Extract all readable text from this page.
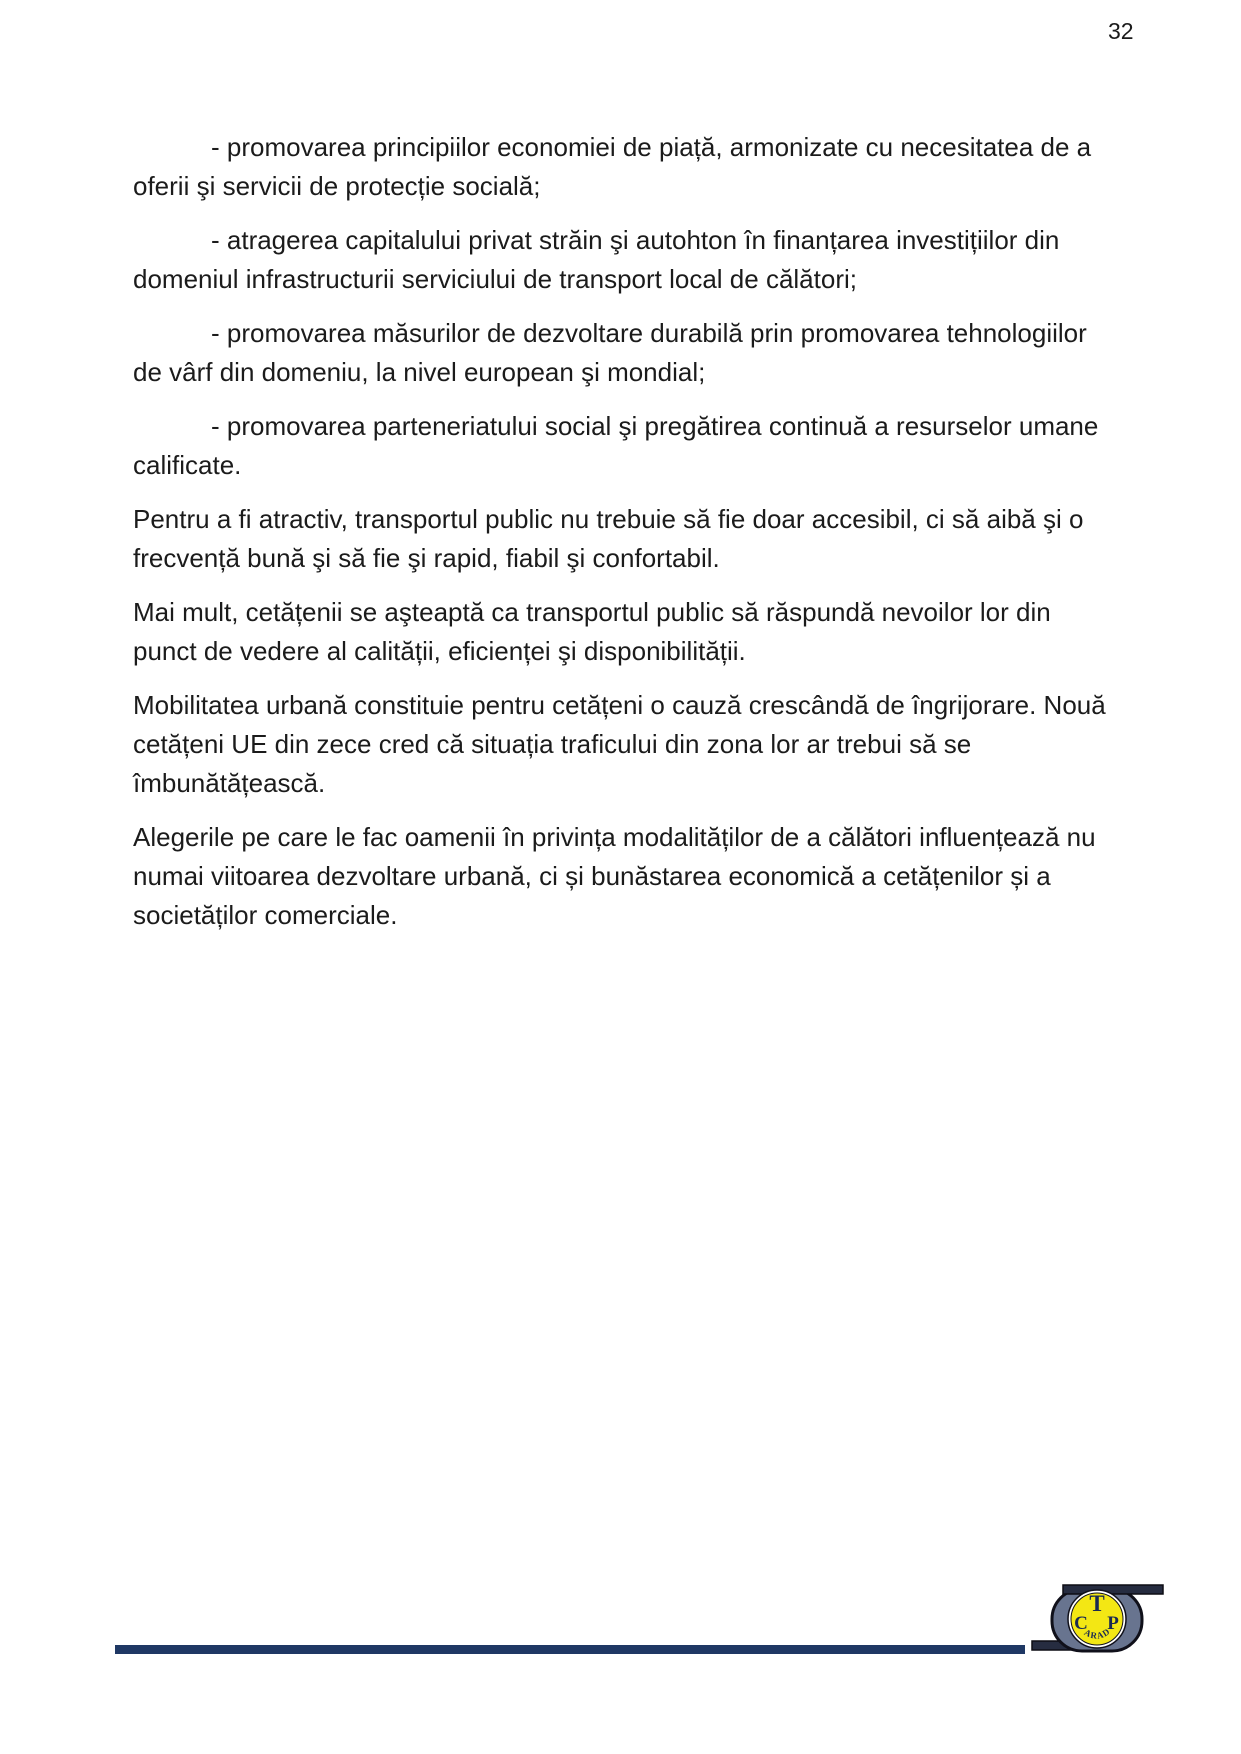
32

- promovarea principiilor economiei de piață, armonizate cu necesitatea de a oferii şi servicii de protecție socială;

- atragerea capitalului privat străin şi autohton în finanțarea investițiilor din domeniul infrastructurii serviciului de transport local de călători;

- promovarea măsurilor de dezvoltare durabilă prin promovarea tehnologiilor de vârf din domeniu, la nivel european şi mondial;

- promovarea parteneriatului social şi pregătirea continuă a resurselor umane calificate.

Pentru a fi atractiv, transportul public nu trebuie să fie doar accesibil, ci să aibă şi o frecvență bună şi să fie şi rapid, fiabil şi confortabil.

Mai mult, cetățenii se aşteaptă ca transportul public să răspundă nevoilor lor din punct de vedere al calității, eficienței şi disponibilității.

Mobilitatea urbană constituie pentru cetățeni o cauză crescândă de îngrijorare. Nouă cetățeni UE din zece cred că situația traficului din zona lor ar trebui să se îmbunătățească.

Alegerile pe care le fac oamenii în privința modalităților de a călători influențează nu numai viitoarea dezvoltare urbană, ci și bunăstarea economică a cetățenilor și a societăților comerciale.

T
C P
ARAD
